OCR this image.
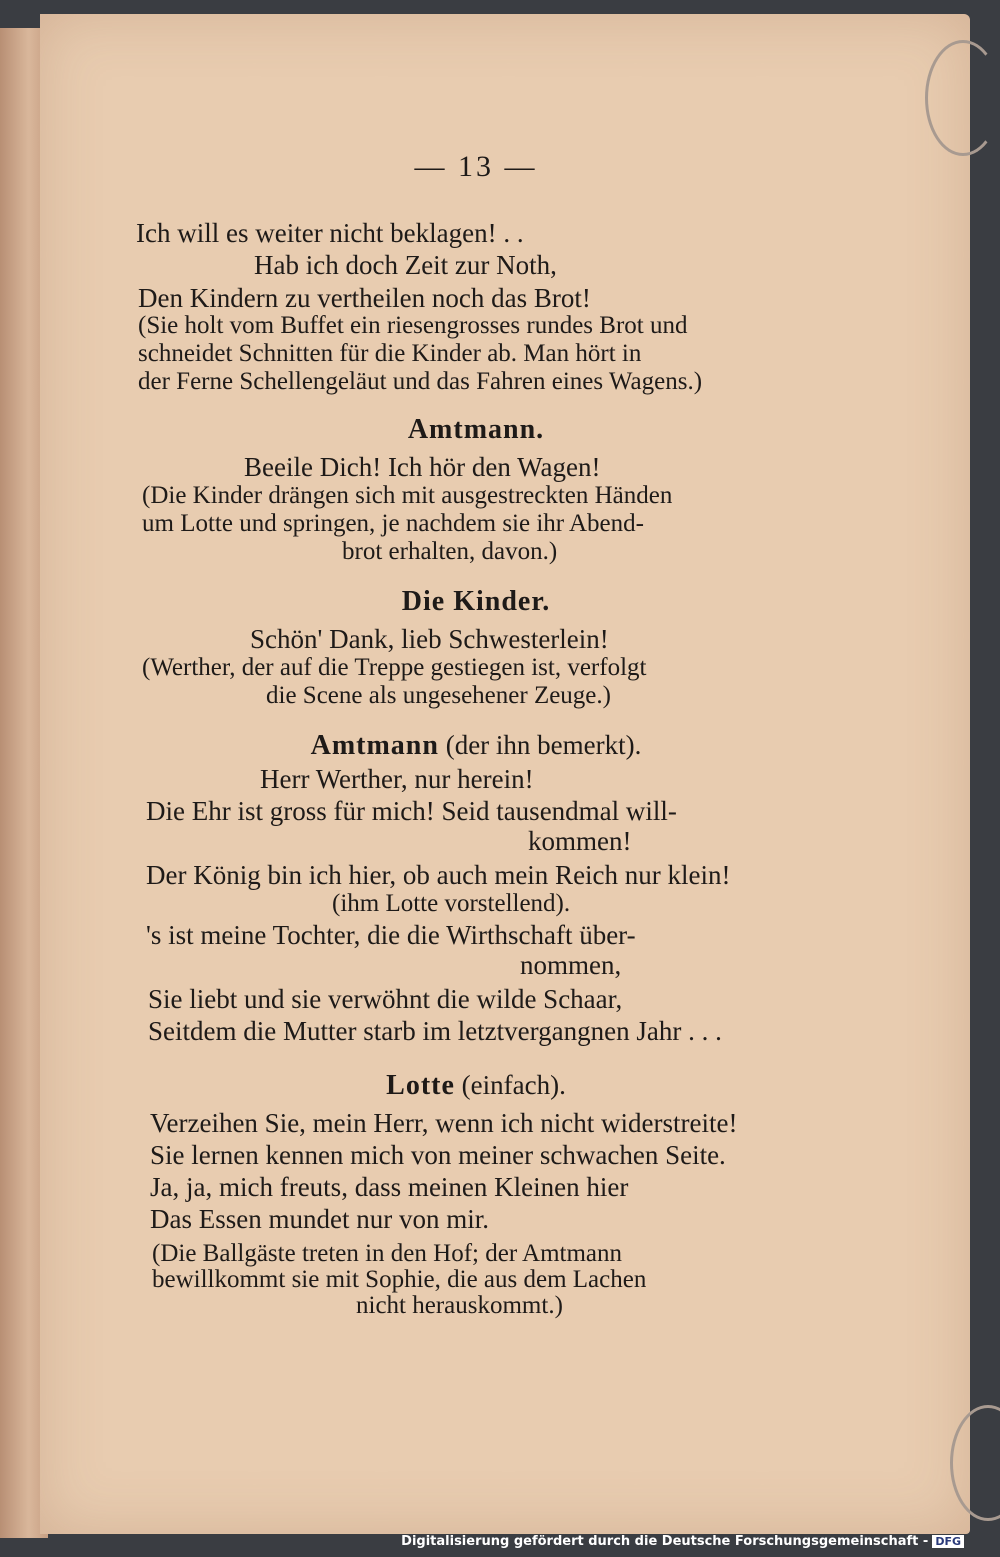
— 13 —
Ich will es weiter nicht beklagen! . .
Hab ich doch Zeit zur Noth,
Den Kindern zu vertheilen noch das Brot!
(Sie holt vom Buffet ein riesengrosses rundes Brot und
schneidet Schnitten für die Kinder ab. Man hört in
der Ferne Schellengeläut und das Fahren eines Wagens.)
Amtmann.
Beeile Dich! Ich hör den Wagen!
(Die Kinder drängen sich mit ausgestreckten Händen
um Lotte und springen, je nachdem sie ihr Abend-
brot erhalten, davon.)
Die Kinder.
Schön' Dank, lieb Schwesterlein!
(Werther, der auf die Treppe gestiegen ist, verfolgt
die Scene als ungesehener Zeuge.)
Amtmann (der ihn bemerkt).
Herr Werther, nur herein!
Die Ehr ist gross für mich! Seid tausendmal will-
kommen!
Der König bin ich hier, ob auch mein Reich nur klein!
(ihm Lotte vorstellend).
's ist meine Tochter, die die Wirthschaft über-
nommen,
Sie liebt und sie verwöhnt die wilde Schaar,
Seitdem die Mutter starb im letztvergangnen Jahr . . .
Lotte (einfach).
Verzeihen Sie, mein Herr, wenn ich nicht widerstreite!
Sie lernen kennen mich von meiner schwachen Seite.
Ja, ja, mich freuts, dass meinen Kleinen hier
Das Essen mundet nur von mir.
(Die Ballgäste treten in den Hof; der Amtmann
bewillkommt sie mit Sophie, die aus dem Lachen
nicht herauskommt.)
Digitalisierung gefördert durch die Deutsche Forschungsgemeinschaft - DFG
